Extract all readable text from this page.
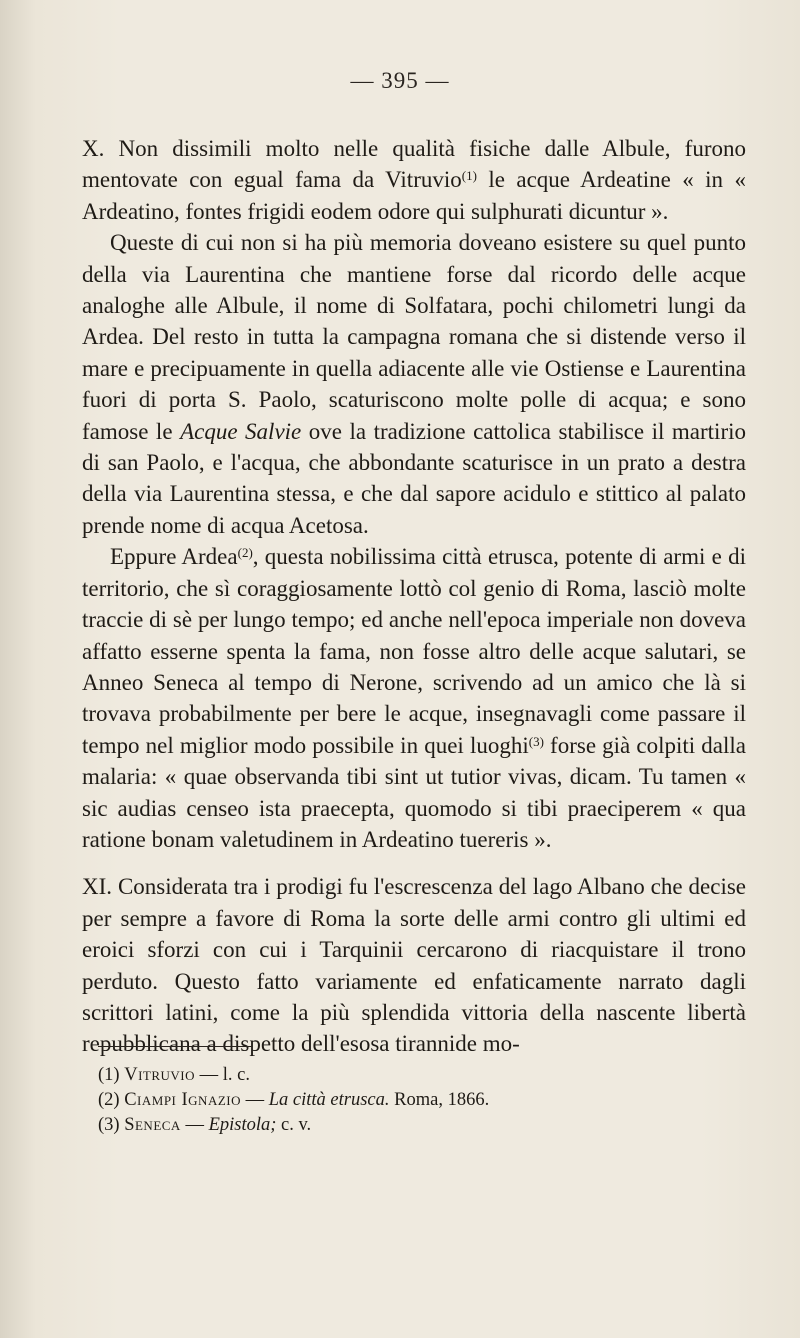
— 395 —

X. Non dissimili molto nelle qualità fisiche dalle Albule, furono mentovate con egual fama da Vitruvio$^{(1)}$ le acque Ardeatine « in « Ardeatino, fontes frigidi eodem odore qui sulphurati dicuntur ».

Queste di cui non si ha più memoria doveano esistere su quel punto della via Laurentina che mantiene forse dal ricordo delle acque analoghe alle Albule, il nome di Solfatara, pochi chilometri lungi da Ardea. Del resto in tutta la campagna romana che si distende verso il mare e precipuamente in quella adiacente alle vie Ostiense e Laurentina fuori di porta S. Paolo, scaturiscono molte polle di acqua; e sono famose le Acque Salvie ove la tradizione cattolica stabilisce il martirio di san Paolo, e l'acqua, che abbondante scaturisce in un prato a destra della via Laurentina stessa, e che dal sapore acidulo e stittico al palato prende nome di acqua Acetosa.

Eppure Ardea$^{(2)}$, questa nobilissima città etrusca, potente di armi e di territorio, che sì coraggiosamente lottò col genio di Roma, lasciò molte traccie di sè per lungo tempo; ed anche nell'epoca imperiale non doveva affatto esserne spenta la fama, non fosse altro delle acque salutari, se Anneo Seneca al tempo di Nerone, scrivendo ad un amico che là si trovava probabilmente per bere le acque, insegnavagli come passare il tempo nel miglior modo possibile in quei luoghi$^{(3)}$ forse già colpiti dalla malaria: « quae observanda tibi sint ut tutior vivas, dicam. Tu tamen « sic audias censeo ista praecepta, quomodo si tibi praeciperem « qua ratione bonam valetudinem in Ardeatino tuereris ».

XI. Considerata tra i prodigi fu l'escrescenza del lago Albano che decise per sempre a favore di Roma la sorte delle armi contro gli ultimi ed eroici sforzi con cui i Tarquinii cercarono di riacquistare il trono perduto. Questo fatto variamente ed enfaticamente narrato dagli scrittori latini, come la più splendida vittoria della nascente libertà repubblicana a dispetto dell'esosa tirannide mo-

(1) Vitruvio — l. c.
(2) Ciampi Ignazio — La città etrusca. Roma, 1866.
(3) Seneca — Epistola; c. v.
